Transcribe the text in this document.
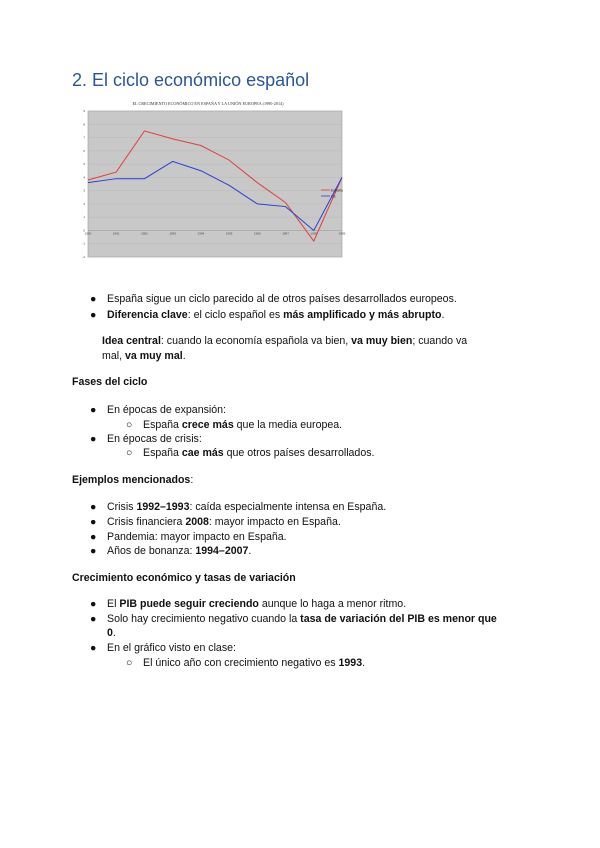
2. El ciclo económico español
EL CRECIMIENTO ECONÓMICO EN ESPAÑA Y LA UNIÓN EUROPEA (1990-2014)
-2
-1
0
1
2
3
4
5
6
7
8
9
1990	1991	1992	1993	1994	1995	1996	1997	1998	1999
España
UE
● España sigue un ciclo parecido al de otros países desarrollados europeos.
● Diferencia clave: el ciclo español es más amplificado y más abrupto.

Idea central: cuando la economía española va bien, va muy bien; cuando va

mal, va muy mal.

Fases del ciclo
● En épocas de expansión:
○ España crece más que la media europea.
● En épocas de crisis:
○ España cae más que otros países desarrollados.
Ejemplos mencionados:
● Crisis 1992–1993: caída especialmente intensa en España.
● Crisis financiera 2008: mayor impacto en España.
● Pandemia: mayor impacto en España.
● Años de bonanza: 1994–2007.
Crecimiento económico y tasas de variación
● El PIB puede seguir creciendo aunque lo haga a menor ritmo.
● Solo hay crecimiento negativo cuando la tasa de variación del PIB es menor que
0.
● En el gráfico visto en clase:
○ El único año con crecimiento negativo es 1993.
